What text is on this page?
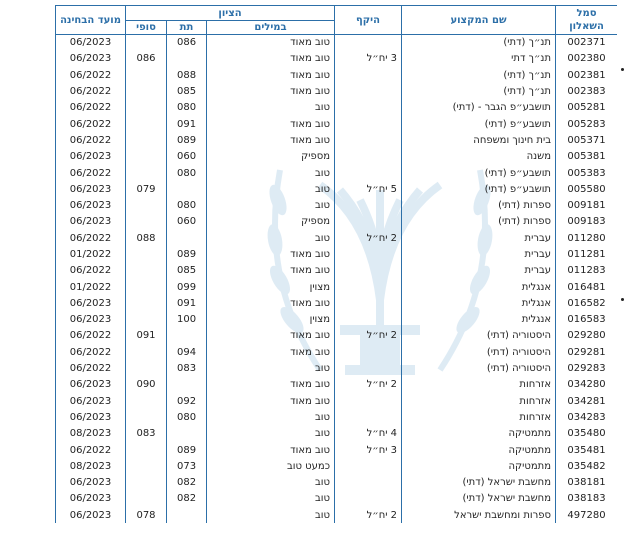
סמל השאלון	שם המקצוע	היקף	הציון			מועד הבחינה
			במילים	תת	סופי	
002371	תנ״ך (דתי)		טוב מאוד	086		06/2023
002380	תנ״ך דתי	3 יח״ל	טוב מאוד		086	06/2023
002381	תנ״ך (דתי)		טוב מאוד	088		06/2022
002383	תנ״ך (דתי)		טוב מאוד	085		06/2022
005281	תושבע״פ הגבר - (דתי)		טוב	080		06/2022
005283	תושבע״פ (דתי)		טוב מאוד	091		06/2022
005371	בית חינוך ומשפחה		טוב מאוד	089		06/2022
005381	משנה		מספיק	060		06/2023
005383	תושבע״פ (דתי)		טוב	080		06/2022
005580	תושבע״פ (דתי)	5 יח״ל	טוב		079	06/2023
009181	ספרות (דתי)		טוב	080		06/2023
009183	ספרות (דתי)		מספיק	060		06/2023
011280	עברית	2 יח״ל	טוב		088	06/2022
011281	עברית		טוב מאוד	089		01/2022
011283	עברית		טוב מאוד	085		06/2022
016481	אנגלית		מצוין	099		01/2022
016582	אנגלית		טוב מאוד	091		06/2023
016583	אנגלית		מצוין	100		06/2023
029280	היסטוריה (דתי)	2 יח״ל	טוב מאוד		091	06/2022
029281	היסטוריה (דתי)		טוב מאוד	094		06/2022
029283	היסטוריה (דתי)		טוב	083		06/2022
034280	אזרחות	2 יח״ל	טוב מאוד		090	06/2023
034281	אזרחות		טוב מאוד	092		06/2023
034283	אזרחות		טוב	080		06/2023
035480	מתמטיקה	4 יח״ל	טוב		083	08/2023
035481	מתמטיקה	3 יח״ל	טוב מאוד	089		06/2022
035482	מתמטיקה		כמעט טוב	073		08/2023
038181	מחשבת ישראל (דתי)		טוב	082		06/2023
038183	מחשבת ישראל (דתי)		טוב	082		06/2023
497280	ספרות ומחשבת ישראל	2 יח״ל	טוב		078	06/2023
